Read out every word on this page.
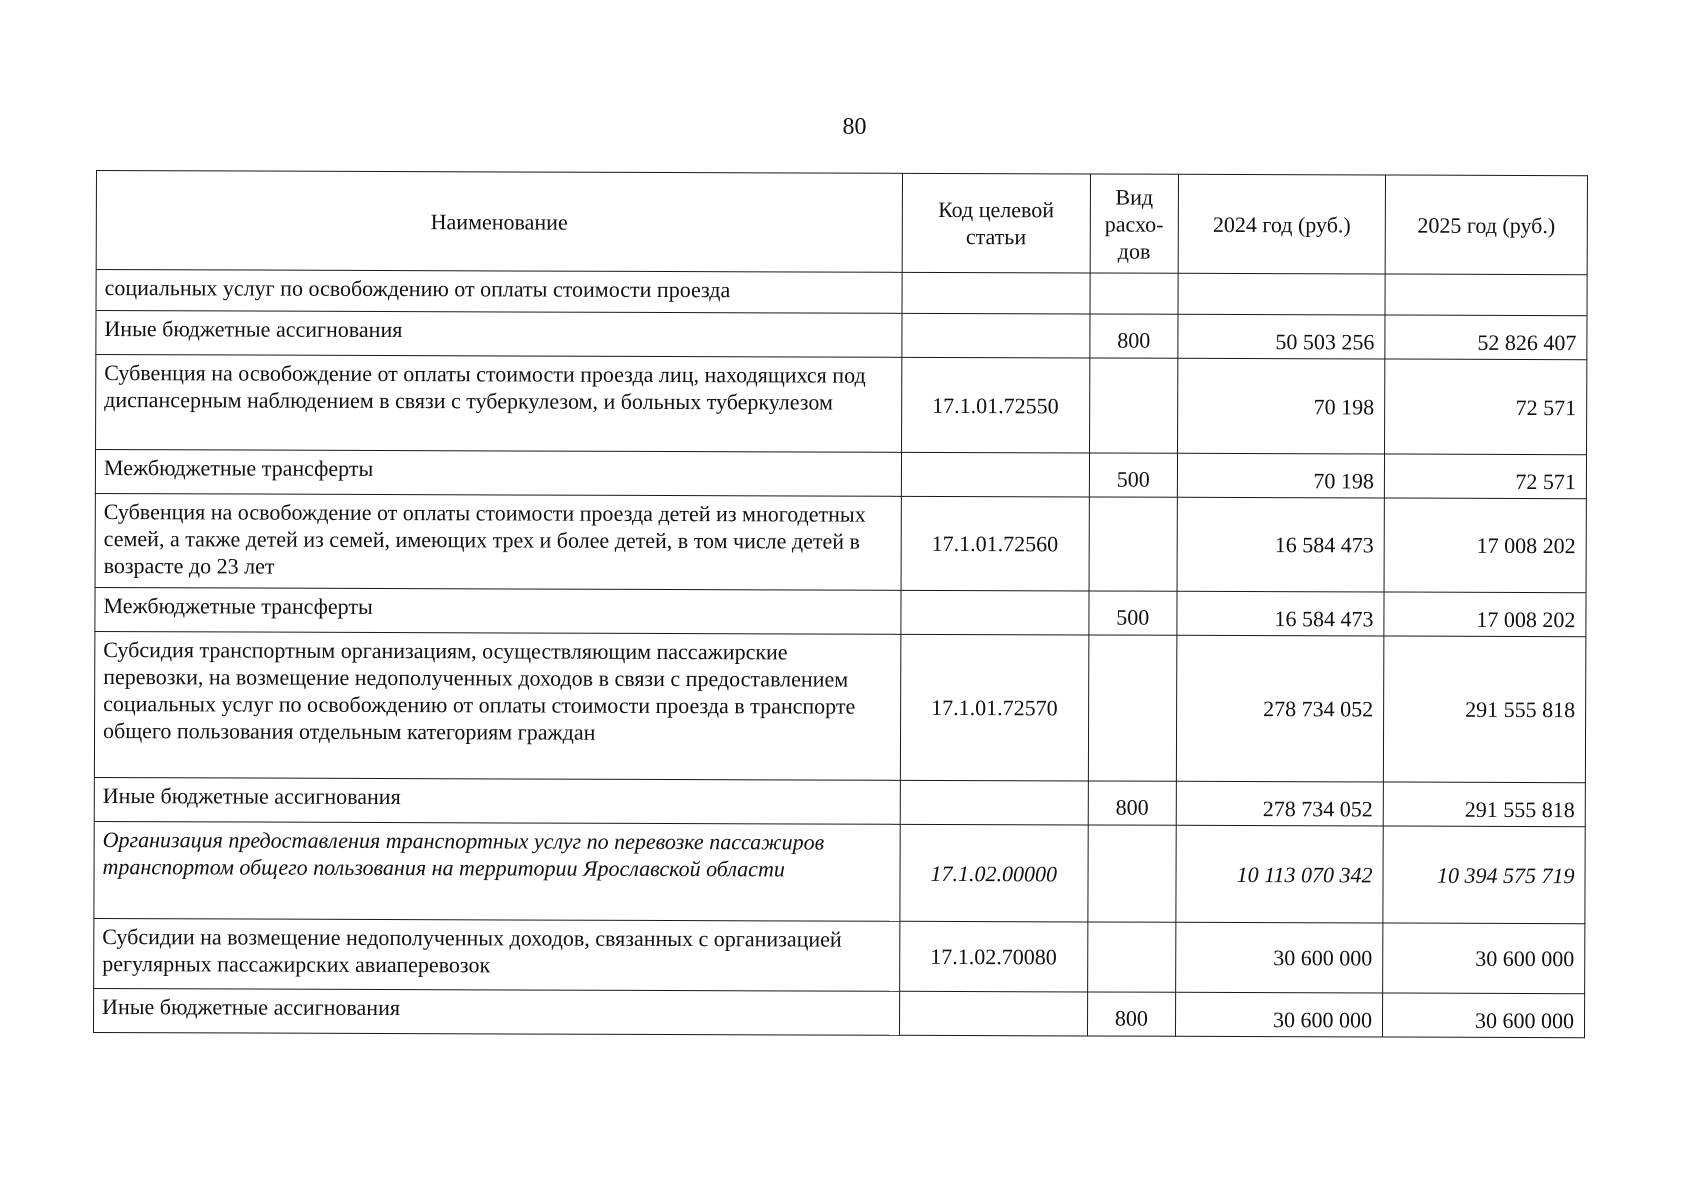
80
Наименование	Код целевой статьи	Вид расхо-дов	2024 год (руб.)	2025 год (руб.)
социальных услуг по освобождению от оплаты стоимости проезда				
Иные бюджетные ассигнования		800	50 503 256	52 826 407
Субвенция на освобождение от оплаты стоимости проезда лиц, находящихся под диспансерным наблюдением в связи с туберкулезом, и больных туберкулезом	17.1.01.72550		70 198	72 571
Межбюджетные трансферты		500	70 198	72 571
Субвенция на освобождение от оплаты стоимости проезда детей из многодетных семей, а также детей из семей, имеющих трех и более детей, в том числе детей в возрасте до 23 лет	17.1.01.72560		16 584 473	17 008 202
Межбюджетные трансферты		500	16 584 473	17 008 202
Субсидия транспортным организациям, осуществляющим пассажирские перевозки, на возмещение недополученных доходов в связи с предоставлением социальных услуг по освобождению от оплаты стоимости проезда в транспорте общего пользования отдельным категориям граждан	17.1.01.72570		278 734 052	291 555 818
Иные бюджетные ассигнования		800	278 734 052	291 555 818
Организация предоставления транспортных услуг по перевозке пассажиров транспортом общего пользования на территории Ярославской области	17.1.02.00000		10 113 070 342	10 394 575 719
Субсидии на возмещение недополученных доходов, связанных с организацией регулярных пассажирских авиаперевозок	17.1.02.70080		30 600 000	30 600 000
Иные бюджетные ассигнования		800	30 600 000	30 600 000
